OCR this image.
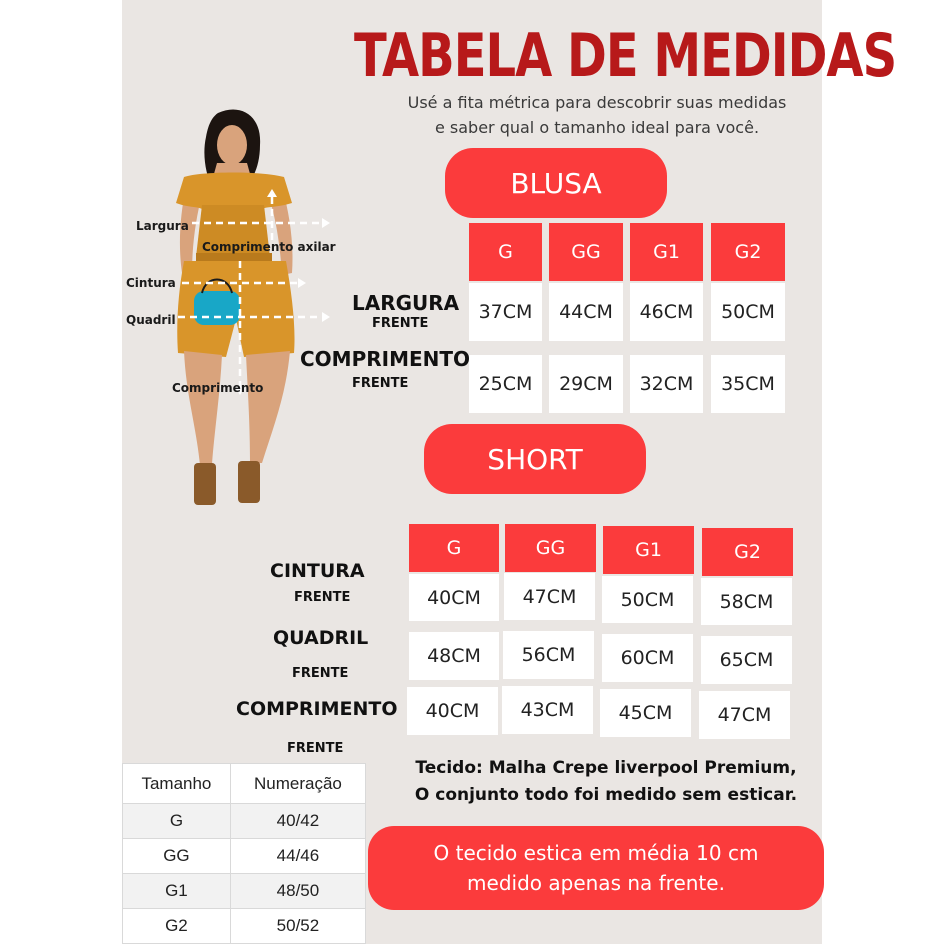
TABELA DE MEDIDAS
Usé a fita métrica para descobrir suas medidas
e saber qual o tamanho ideal para você.
Largura
Comprimento axilar
Cintura
Quadril
Comprimento
BLUSA
G	GG	G1	G2
37CM	44CM	46CM	50CM
25CM	29CM	32CM	35CM
LARGURA
FRENTE
COMPRIMENTO
FRENTE
SHORT
G	GG	G1	G2
40CM	47CM	50CM	58CM
48CM	56CM	60CM	65CM
40CM	43CM	45CM	47CM
CINTURA
FRENTE
QUADRIL
FRENTE
COMPRIMENTO
FRENTE
Tamanho	Numeração
G	40/42
GG	44/46
G1	48/50
G2	50/52
Tecido: Malha Crepe liverpool Premium,
O conjunto todo foi medido sem esticar.
O tecido estica em média 10 cm
medido apenas na frente.
